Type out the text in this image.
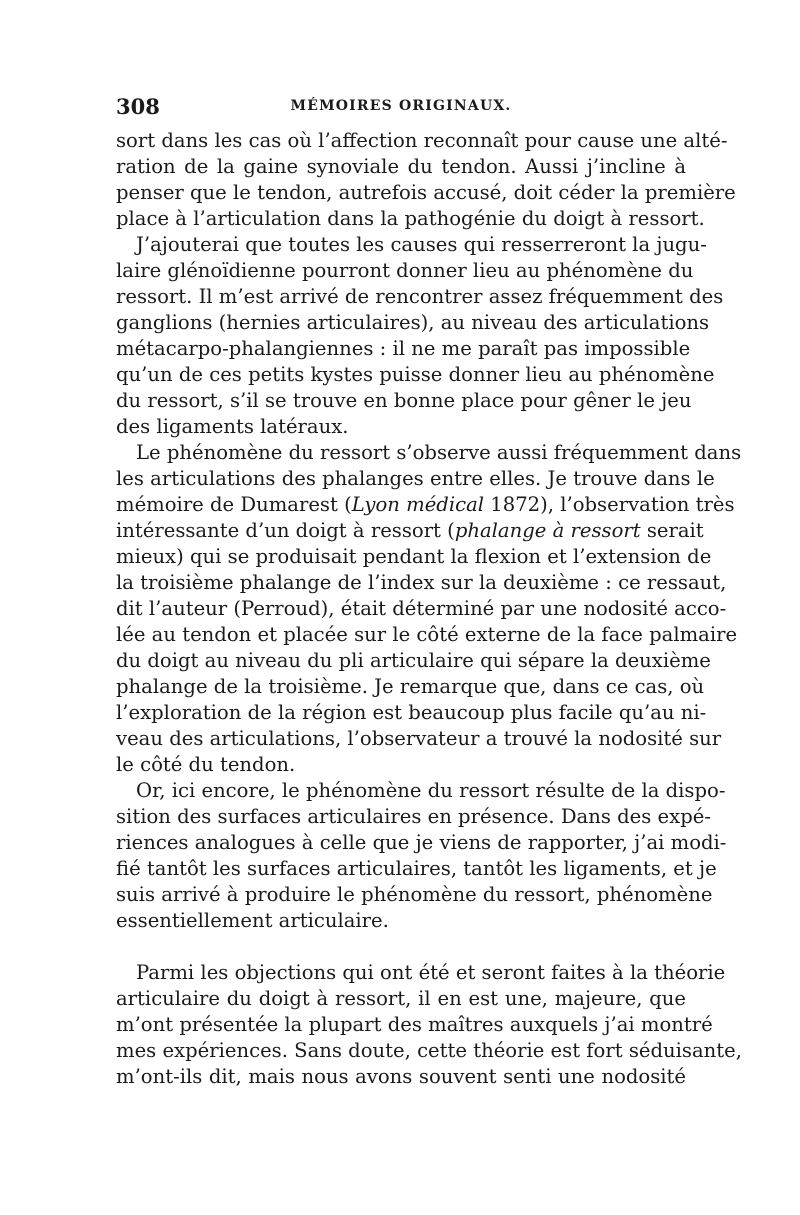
308	MÉMOIRES ORIGINAUX.

sort dans les cas où l’affection reconnaît pour cause une alté-
ration de la gaine synoviale du tendon. Aussi j’incline à
penser que le tendon, autrefois accusé, doit céder la première
place à l’articulation dans la pathogénie du doigt à ressort.

J’ajouterai que toutes les causes qui resserreront la jugu-
laire glénoïdienne pourront donner lieu au phénomène du
ressort. Il m’est arrivé de rencontrer assez fréquemment des
ganglions (hernies articulaires), au niveau des articulations
métacarpo-phalangiennes : il ne me paraît pas impossible
qu’un de ces petits kystes puisse donner lieu au phénomène
du ressort, s’il se trouve en bonne place pour gêner le jeu
des ligaments latéraux.

Le phénomène du ressort s’observe aussi fréquemment dans
les articulations des phalanges entre elles. Je trouve dans le
mémoire de Dumarest (Lyon médical 1872), l’observation très
intéressante d’un doigt à ressort (phalange à ressort serait
mieux) qui se produisait pendant la flexion et l’extension de
la troisième phalange de l’index sur la deuxième : ce ressaut,
dit l’auteur (Perroud), était déterminé par une nodosité acco-
lée au tendon et placée sur le côté externe de la face palmaire
du doigt au niveau du pli articulaire qui sépare la deuxième
phalange de la troisième. Je remarque que, dans ce cas, où
l’exploration de la région est beaucoup plus facile qu’au ni-
veau des articulations, l’observateur a trouvé la nodosité sur
le côté du tendon.

Or, ici encore, le phénomène du ressort résulte de la dispo-
sition des surfaces articulaires en présence. Dans des expé-
riences analogues à celle que je viens de rapporter, j’ai modi-
fié tantôt les surfaces articulaires, tantôt les ligaments, et je
suis arrivé à produire le phénomène du ressort, phénomène
essentiellement articulaire.

Parmi les objections qui ont été et seront faites à la théorie
articulaire du doigt à ressort, il en est une, majeure, que
m’ont présentée la plupart des maîtres auxquels j’ai montré
mes expériences. Sans doute, cette théorie est fort séduisante,
m’ont-ils dit, mais nous avons souvent senti une nodosité
